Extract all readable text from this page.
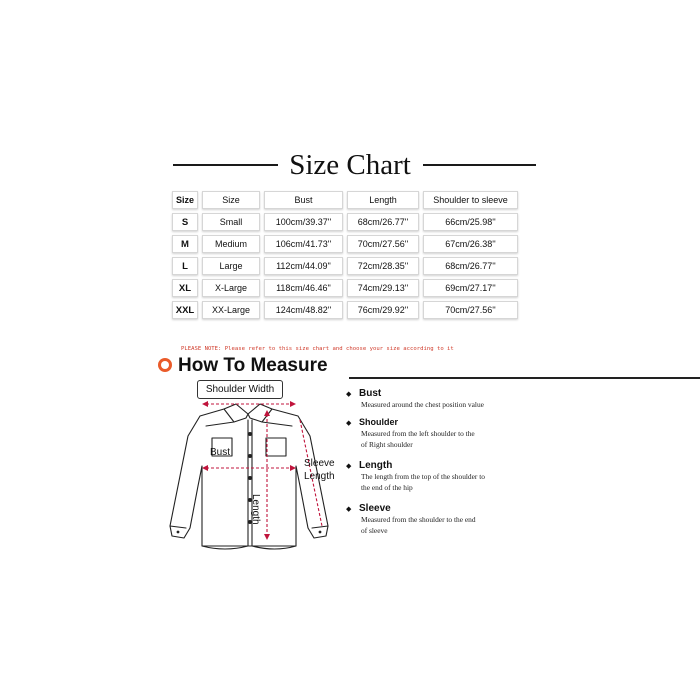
Size Chart
Size	Size	Bust	Length	Shoulder to sleeve
S	Small	100cm/39.37''	68cm/26.77''	66cm/25.98''
M	Medium	106cm/41.73''	70cm/27.56''	67cm/26.38''
L	Large	112cm/44.09''	72cm/28.35''	68cm/26.77''
XL	X-Large	118cm/46.46''	74cm/29.13''	69cm/27.17''
XXL	XX-Large	124cm/48.82''	76cm/29.92''	70cm/27.56''
PLEASE NOTE: Please refer to this size chart and choose your size according to it
How To Measure
Shoulder Width
Bust
Length
Sleeve
Length
◆ Bust
Measured around the chest position value
◆ Shoulder
Measured from the left shoulder to the
of Right shoulder
◆ Length
The length from the top of the shoulder to
the end of the hip
◆ Sleeve
Measured from the shoulder to the end
of sleeve
